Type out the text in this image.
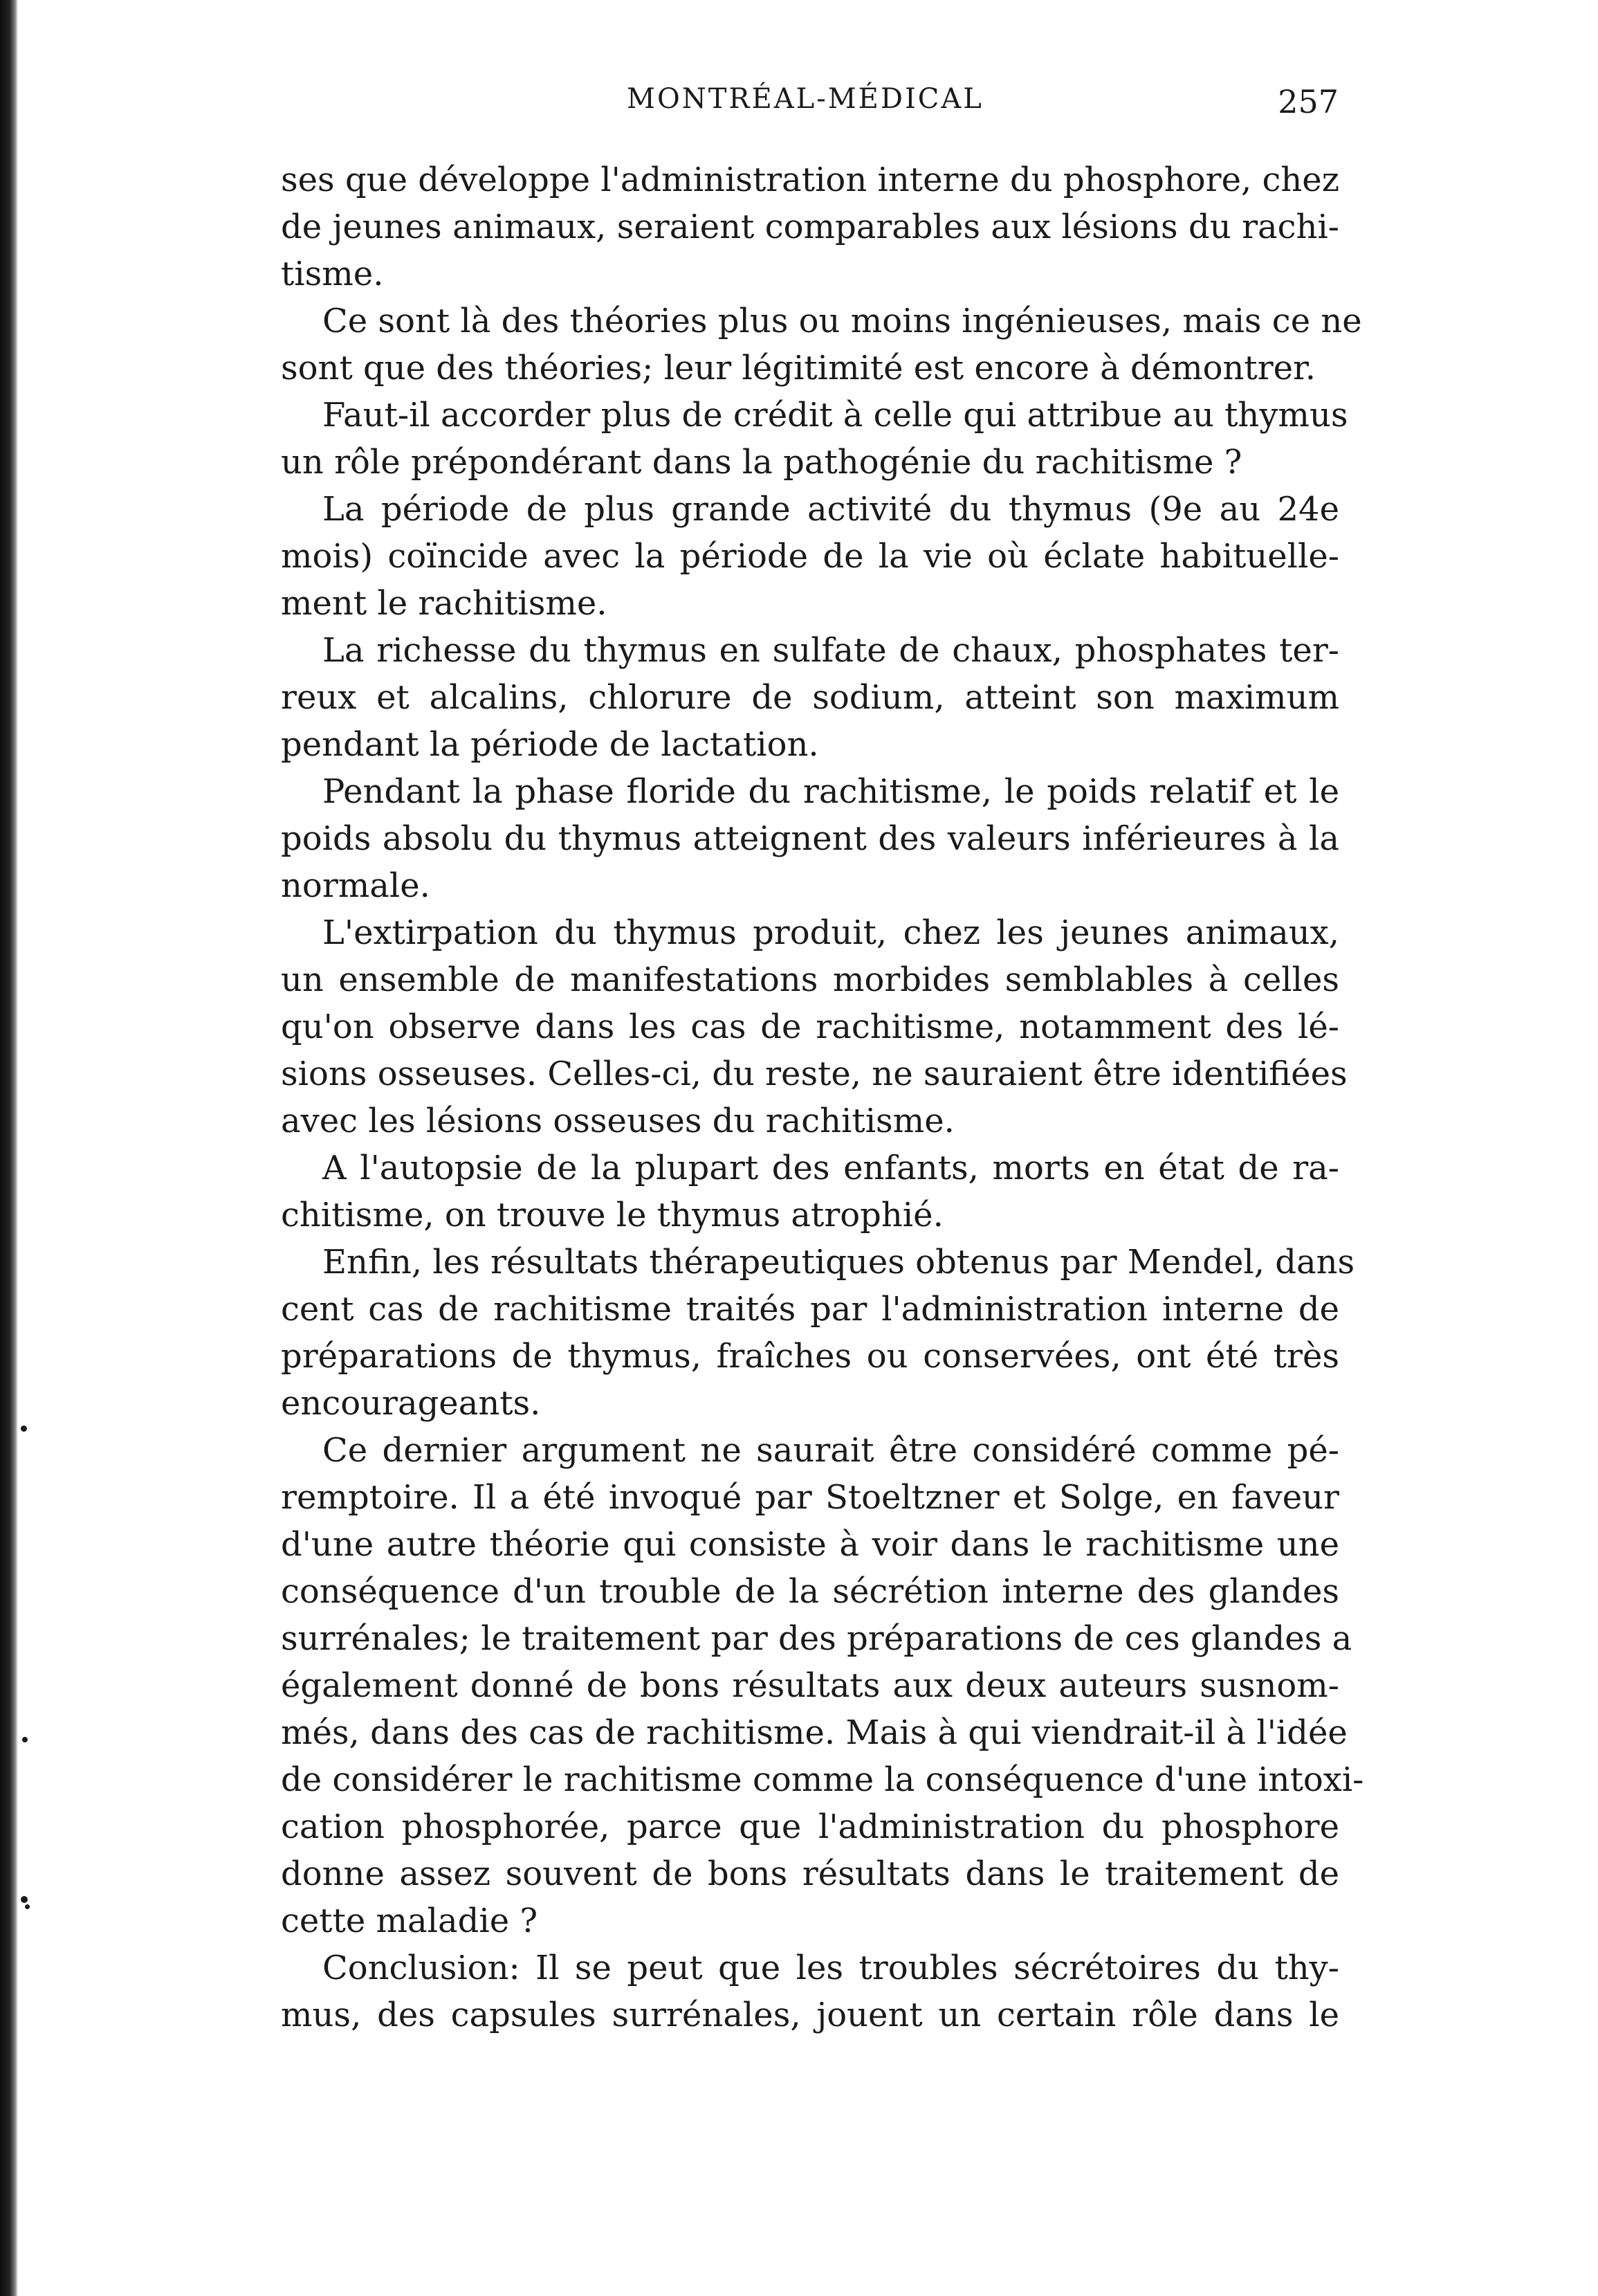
MONTRÉAL-MÉDICAL	257
ses que développe l'administration interne du phosphore, chez
de jeunes animaux, seraient comparables aux lésions du rachi-
tisme.
Ce sont là des théories plus ou moins ingénieuses, mais ce ne
sont que des théories; leur légitimité est encore à démontrer.
Faut-il accorder plus de crédit à celle qui attribue au thymus
un rôle prépondérant dans la pathogénie du rachitisme ?
La période de plus grande activité du thymus (9e au 24e
mois) coïncide avec la période de la vie où éclate habituelle-
ment le rachitisme.
La richesse du thymus en sulfate de chaux, phosphates ter-
reux et alcalins, chlorure de sodium, atteint son maximum
pendant la période de lactation.
Pendant la phase floride du rachitisme, le poids relatif et le
poids absolu du thymus atteignent des valeurs inférieures à la
normale.
L'extirpation du thymus produit, chez les jeunes animaux,
un ensemble de manifestations morbides semblables à celles
qu'on observe dans les cas de rachitisme, notamment des lé-
sions osseuses. Celles-ci, du reste, ne sauraient être identifiées
avec les lésions osseuses du rachitisme.
A l'autopsie de la plupart des enfants, morts en état de ra-
chitisme, on trouve le thymus atrophié.
Enfin, les résultats thérapeutiques obtenus par Mendel, dans
cent cas de rachitisme traités par l'administration interne de
préparations de thymus, fraîches ou conservées, ont été très
encourageants.
Ce dernier argument ne saurait être considéré comme pé-
remptoire. Il a été invoqué par Stoeltzner et Solge, en faveur
d'une autre théorie qui consiste à voir dans le rachitisme une
conséquence d'un trouble de la sécrétion interne des glandes
surrénales; le traitement par des préparations de ces glandes a
également donné de bons résultats aux deux auteurs susnom-
més, dans des cas de rachitisme. Mais à qui viendrait-il à l'idée
de considérer le rachitisme comme la conséquence d'une intoxi-
cation phosphorée, parce que l'administration du phosphore
donne assez souvent de bons résultats dans le traitement de
cette maladie ?
Conclusion: Il se peut que les troubles sécrétoires du thy-
mus, des capsules surrénales, jouent un certain rôle dans le
